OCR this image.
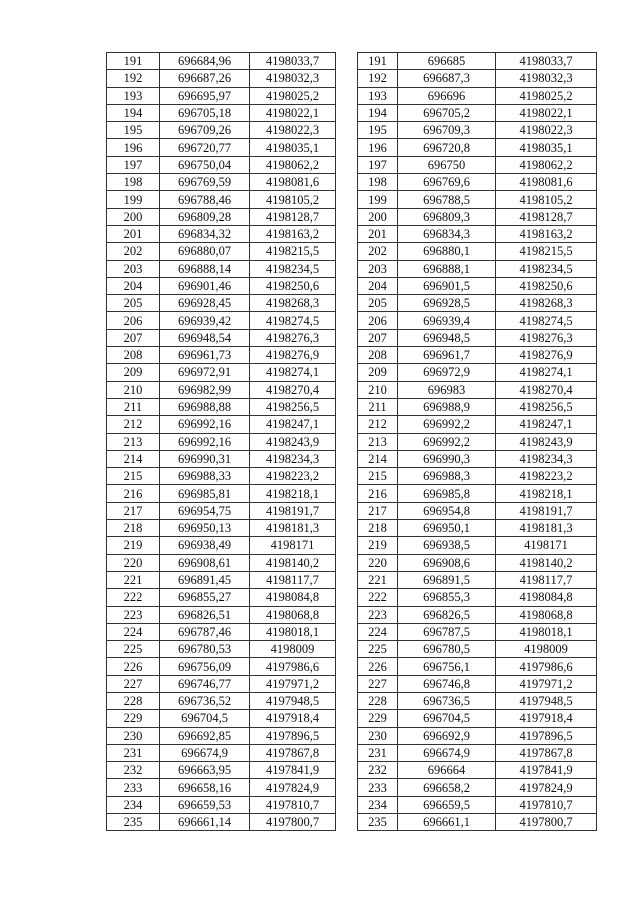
191	696684,96	4198033,7
192	696687,26	4198032,3
193	696695,97	4198025,2
194	696705,18	4198022,1
195	696709,26	4198022,3
196	696720,77	4198035,1
197	696750,04	4198062,2
198	696769,59	4198081,6
199	696788,46	4198105,2
200	696809,28	4198128,7
201	696834,32	4198163,2
202	696880,07	4198215,5
203	696888,14	4198234,5
204	696901,46	4198250,6
205	696928,45	4198268,3
206	696939,42	4198274,5
207	696948,54	4198276,3
208	696961,73	4198276,9
209	696972,91	4198274,1
210	696982,99	4198270,4
211	696988,88	4198256,5
212	696992,16	4198247,1
213	696992,16	4198243,9
214	696990,31	4198234,3
215	696988,33	4198223,2
216	696985,81	4198218,1
217	696954,75	4198191,7
218	696950,13	4198181,3
219	696938,49	4198171
220	696908,61	4198140,2
221	696891,45	4198117,7
222	696855,27	4198084,8
223	696826,51	4198068,8
224	696787,46	4198018,1
225	696780,53	4198009
226	696756,09	4197986,6
227	696746,77	4197971,2
228	696736,52	4197948,5
229	696704,5	4197918,4
230	696692,85	4197896,5
231	696674,9	4197867,8
232	696663,95	4197841,9
233	696658,16	4197824,9
234	696659,53	4197810,7
235	696661,14	4197800,7
191	696685	4198033,7
192	696687,3	4198032,3
193	696696	4198025,2
194	696705,2	4198022,1
195	696709,3	4198022,3
196	696720,8	4198035,1
197	696750	4198062,2
198	696769,6	4198081,6
199	696788,5	4198105,2
200	696809,3	4198128,7
201	696834,3	4198163,2
202	696880,1	4198215,5
203	696888,1	4198234,5
204	696901,5	4198250,6
205	696928,5	4198268,3
206	696939,4	4198274,5
207	696948,5	4198276,3
208	696961,7	4198276,9
209	696972,9	4198274,1
210	696983	4198270,4
211	696988,9	4198256,5
212	696992,2	4198247,1
213	696992,2	4198243,9
214	696990,3	4198234,3
215	696988,3	4198223,2
216	696985,8	4198218,1
217	696954,8	4198191,7
218	696950,1	4198181,3
219	696938,5	4198171
220	696908,6	4198140,2
221	696891,5	4198117,7
222	696855,3	4198084,8
223	696826,5	4198068,8
224	696787,5	4198018,1
225	696780,5	4198009
226	696756,1	4197986,6
227	696746,8	4197971,2
228	696736,5	4197948,5
229	696704,5	4197918,4
230	696692,9	4197896,5
231	696674,9	4197867,8
232	696664	4197841,9
233	696658,2	4197824,9
234	696659,5	4197810,7
235	696661,1	4197800,7
